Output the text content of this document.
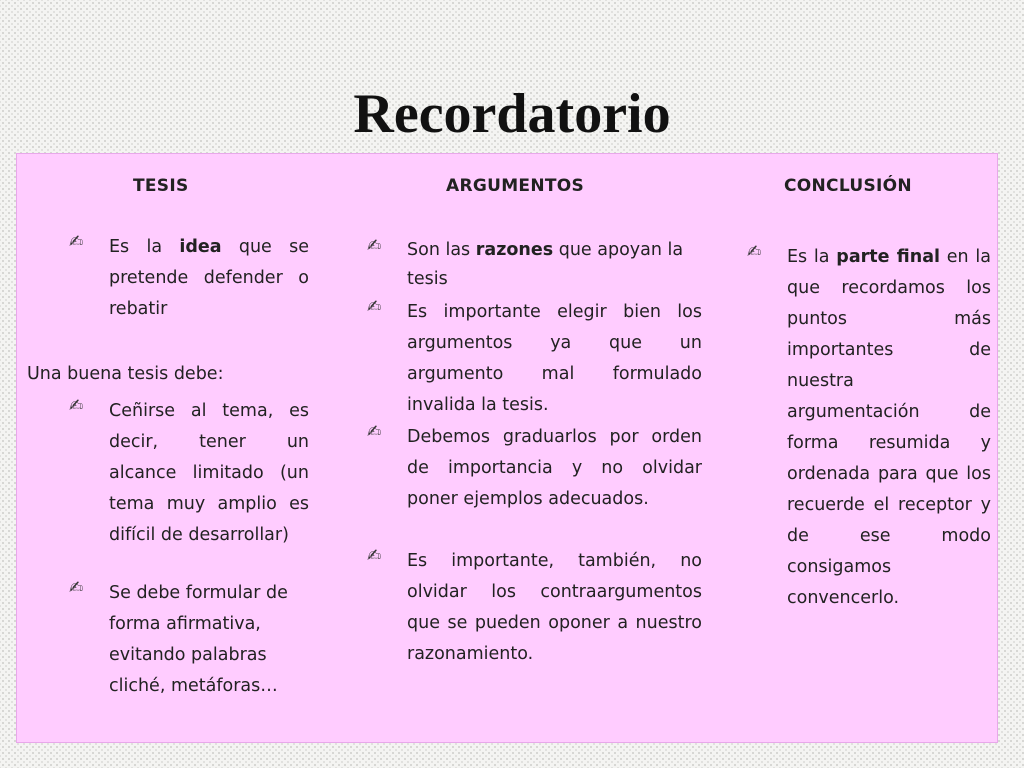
Recordatorio
TESIS
✍ Es la idea que se pretende defender o rebatir
Una buena tesis debe:
✍ Ceñirse al tema, es decir, tener un alcance limitado (un tema muy amplio es difícil de desarrollar)
✍ Se debe formular de forma afirmativa, evitando palabras cliché, metáforas…
ARGUMENTOS
✍ Son las razones que apoyan la tesis
✍ Es importante elegir bien los argumentos ya que un argumento mal formulado invalida la tesis.
✍ Debemos graduarlos por orden de importancia y no olvidar poner ejemplos adecuados.
✍ Es importante, también, no olvidar los contraargumentos que se pueden oponer a nuestro razonamiento.
CONCLUSIÓN
✍ Es la parte final en la que recordamos los puntos más importantes de nuestra argumentación de forma resumida y ordenada para que los recuerde el receptor y de ese modo consigamos convencerlo.
